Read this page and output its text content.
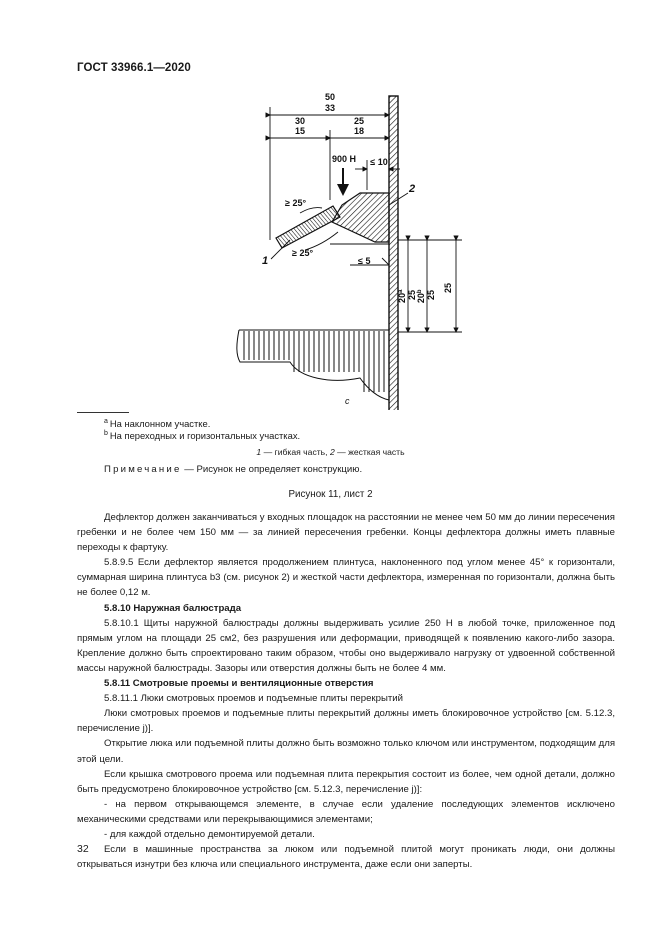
ГОСТ 33966.1—2020
50
33
30
15
25
18
900 Н ≤ 10
≥ 25°
≥ 25°
≤ 5
20$^a$ 25 20$^b$ 25
25
1
2
c
$^a$ На наклонном участке.
$^b$ На переходных и горизонтальных участках.
1 — гибкая часть, 2 — жесткая часть
Примечание — Рисунок не определяет конструкцию.
Рисунок 11, лист 2

Дефлектор должен заканчиваться у входных площадок на расстоянии не менее чем 50 мм до линии пересечения гребенки и не более чем 150 мм — за линией пересечения гребенки. Концы дефлектора должны иметь плавные переходы к фартуку.

5.8.9.5 Если дефлектор является продолжением плинтуса, наклоненного под углом менее 45° к горизонтали, суммарная ширина плинтуса b3 (см. рисунок 2) и жесткой части дефлектора, измеренная по горизонтали, должна быть не более 0,12 м.

5.8.10 Наружная балюстрада

5.8.10.1 Щиты наружной балюстрады должны выдерживать усилие 250 Н в любой точке, приложенное под прямым углом на площади 25 см2, без разрушения или деформации, приводящей к появлению какого-либо зазора. Крепление должно быть спроектировано таким образом, чтобы оно выдерживало нагрузку от удвоенной собственной массы наружной балюстрады. Зазоры или отверстия должны быть не более 4 мм.

5.8.11 Смотровые проемы и вентиляционные отверстия

5.8.11.1 Люки смотровых проемов и подъемные плиты перекрытий

Люки смотровых проемов и подъемные плиты перекрытий должны иметь блокировочное устройство [см. 5.12.3, перечисление j)].

Открытие люка или подъемной плиты должно быть возможно только ключом или инструментом, подходящим для этой цели.

Если крышка смотрового проема или подъемная плита перекрытия состоит из более, чем одной детали, должно быть предусмотрено блокировочное устройство [см. 5.12.3, перечисление j)]:

- на первом открывающемся элементе, в случае если удаление последующих элементов исключено механическими средствами или перекрывающимися элементами;

- для каждой отдельно демонтируемой детали.

Если в машинные пространства за люком или подъемной плитой могут проникать люди, они должны открываться изнутри без ключа или специального инструмента, даже если они заперты.

32
